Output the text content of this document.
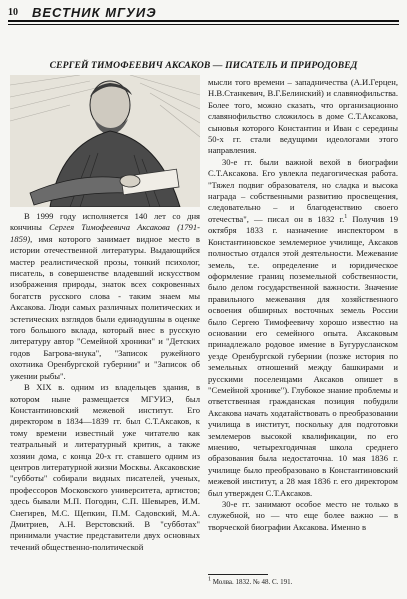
10 ВЕСТНИК МГУИЭ
СЕРГЕЙ ТИМОФЕЕВИЧ АКСАКОВ — ПИСАТЕЛЬ И ПРИРОДОВЕД

В 1999 году исполняется 140 лет со дня кончины Сергея Тимофеевича Аксакова (1791-1859), имя которого занимает видное место в истории отечественной литературы. Выдающийся мастер реалистической прозы, тонкий психолог, писатель, в совершенстве владевший искусством изображения природы, знаток всех сокровенных богатств русского слова - таким знаем мы Аксакова. Люди самых различных политических и эстетических взглядов были единодушны в оценке того большого вклада, который внес в русскую литературу автор "Семейной хроники" и "Детских годов Багрова-внука", "Записок ружейного охотника Оренбургской губернии" и "Записок об ужении рыбы".

В XIX в. одним из владельцев здания, в котором ныне размещается МГУИЭ, был Константиновский межевой институт. Его директором в 1834—1839 гг. был С.Т.Аксаков, к тому времени известный уже читателю как театральный и литературный критик, а также хозяин дома, с конца 20-х гг. ставшего одним из центров литературной жизни Москвы. Аксаковские "субботы" собирали видных писателей, ученых, профессоров Московского университета, артистов; здесь бывали М.П. Погодин, С.П. Шевырев, И.М. Снегирев, М.С. Щепкин, П.М. Садовский, М.А. Дмитриев, А.Н. Верстовский. В "субботах" принимали участие представители двух основных течений общественно-политической

мысли того времени – западничества (А.И.Герцен, Н.В.Станкевич, В.Г.Белинский) и славянофильства. Более того, можно сказать, что организационно славянофильство сложилось в доме С.Т.Аксакова, сыновья которого Константин и Иван с середины 50-х гг. стали ведущими идеологами этого направления.

30-е гг. были важной вехой в биографии С.Т.Аксакова. Его увлекла педагогическая работа. "Тяжел подвиг образователя, но сладка и высока награда – собственными развитию просвещения, следовательно – и благоденствию своего отечества", — писал он в 1832 г.$^1$ Получив 19 октября 1833 г. назначение инспектором в Константиновское землемерное училище, Аксаков полностью отдался этой деятельности. Межевание земель, т.е. определение и юридическое оформление границ поземельной собственности, было делом государственной важности. Значение правильного межевания для хозяйственного освоения обширных восточных земель России было Сергею Тимофеевичу хорошо известно на основании его семейного опыта. Аксаковым принадлежало родовое имение в Бугурусланском уезде Оренбургской губернии (позже история по земельных отношений между башкирами и русскими поселенцами Аксаков опишет в "Семейной хронике"). Глубокое знание проблемы и ответственная гражданская позиция побудили Аксакова начать ходатайствовать о преобразовании училища в институт, поскольку для подготовки землемеров высокой квалификации, по его мнению, четырехгодичная школа среднего образования была недостаточна. 10 мая 1836 г. училище было преобразовано в Константиновский межевой институт, а 28 мая 1836 г. его директором был утвержден С.Т.Аксаков.

30-е гг. занимают особое место не только в служебной, но — что еще более важно — в творческой биографии Аксакова. Именно в

$^1$ Молва. 1832. № 48. С. 191.
